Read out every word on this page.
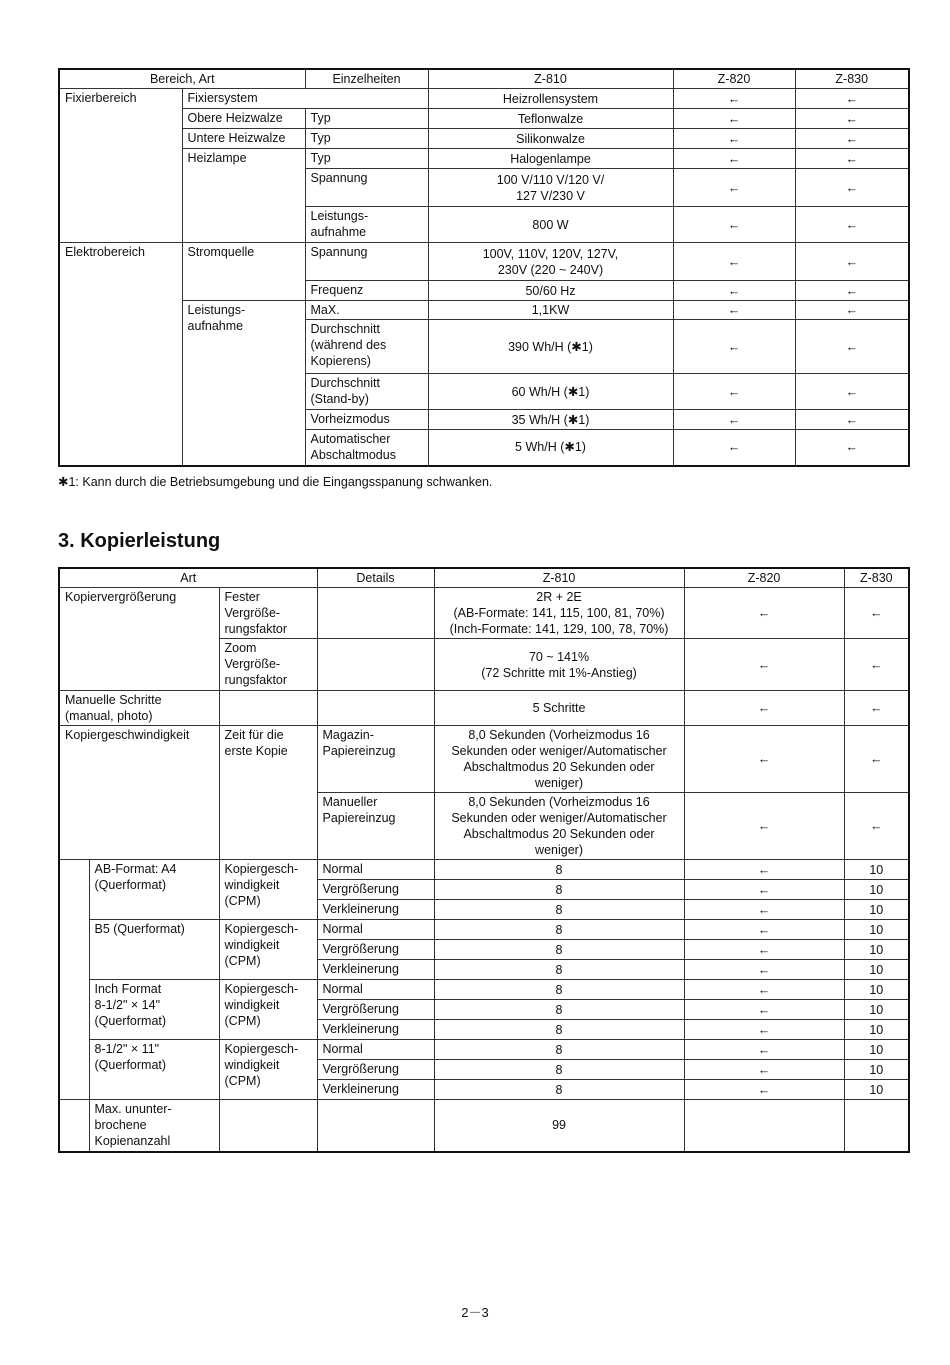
Bereich, Art		Einzelheiten	Z-810	Z-820	Z-830
Fixierbereich	Fixiersystem		Heizrollensystem	←	←
	Obere Heizwalze	Typ	Teflonwalze	←	←
	Untere Heizwalze	Typ	Silikonwalze	←	←
	Heizlampe	Typ	Halogenlampe	←	←
		Spannung	100 V/110 V/120 V/
127 V/230 V	←	←
		Leistungs-
aufnahme	800 W	←	←
Elektrobereich	Stromquelle	Spannung	100V, 110V, 120V, 127V,
230V (220 ~ 240V)	←	←
		Frequenz	50/60 Hz	←	←
	Leistungs-
aufnahme	MaX.	1,1KW	←	←
		Durchschnitt
(während des
Kopierens)	390 Wh/H (✱1)	←	←
		Durchschnitt
(Stand-by)	60 Wh/H (✱1)	←	←
		Vorheizmodus	35 Wh/H (✱1)	←	←
		Automatischer
Abschaltmodus	5 Wh/H (✱1)	←	←
✱1: Kann durch die Betriebsumgebung und die Eingangsspanung schwanken.
3. Kopierleistung
Art			Details	Z-810	Z-820	Z-830
Kopiervergrößerung		Fester
Vergröße-
rungsfaktor		2R + 2E
(AB-Formate: 141, 115, 100, 81, 70%)
(Inch-Formate: 141, 129, 100, 78, 70%)	←	←
		Zoom
Vergröße-
rungsfaktor		70 ~ 141%
(72 Schritte mit 1%-Anstieg)	←	←
Manuelle Schritte
(manual, photo)				5 Schritte	←	←
Kopiergeschwindigkeit		Zeit für die
erste Kopie	Magazin-
Papiereinzug	8,0 Sekunden (Vorheizmodus 16
Sekunden oder weniger/Automatischer
Abschaltmodus 20 Sekunden oder weniger)	←	←
			Manueller
Papiereinzug	8,0 Sekunden (Vorheizmodus 16
Sekunden oder weniger/Automatischer
Abschaltmodus 20 Sekunden oder weniger)	←	←
	AB-Format: A4
(Querformat)	Kopiergesch-
windigkeit
(CPM)	Normal	8	←	10
			Vergrößerung	8	←	10
			Verkleinerung	8	←	10
	B5 (Querformat)	Kopiergesch-
windigkeit
(CPM)	Normal	8	←	10
			Vergrößerung	8	←	10
			Verkleinerung	8	←	10
	Inch Format
8-1/2" × 14"
(Querformat)	Kopiergesch-
windigkeit
(CPM)	Normal	8	←	10
			Vergrößerung	8	←	10
			Verkleinerung	8	←	10
	8-1/2" × 11"
(Querformat)	Kopiergesch-
windigkeit
(CPM)	Normal	8	←	10
			Vergrößerung	8	←	10
			Verkleinerung	8	←	10
	Max. ununter-
brochene
Kopienanzahl			99		
2－3
